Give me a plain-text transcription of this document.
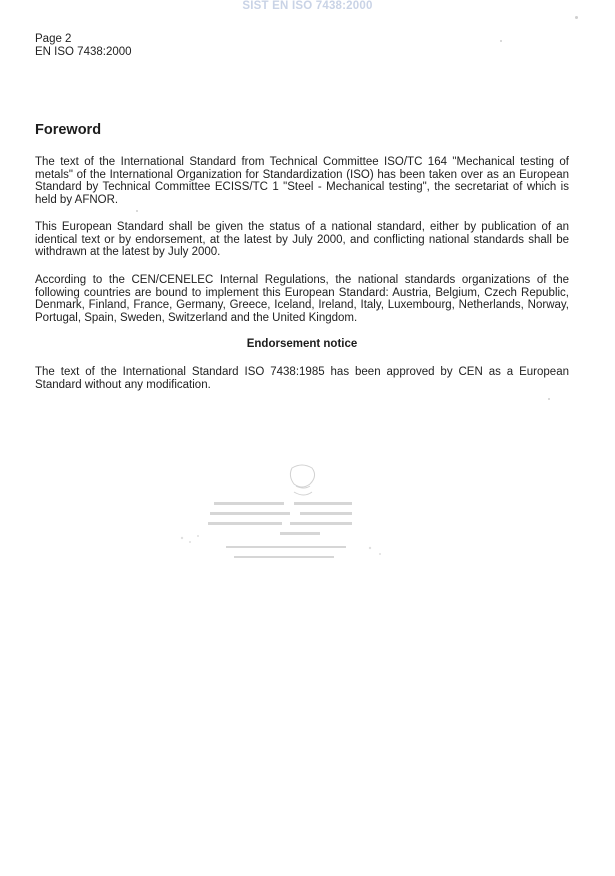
SIST EN ISO 7438:2000
Page 2
EN ISO 7438:2000
Foreword

The text of the International Standard from Technical Committee ISO/TC 164 "Mechanical testing of metals" of the International Organization for Standardization (ISO) has been taken over as an European Standard by Technical Committee ECISS/TC 1 "Steel - Mechanical testing", the secretariat of which is held by AFNOR.

This European Standard shall be given the status of a national standard, either by publication of an identical text or by endorsement, at the latest by July 2000, and conflicting national standards shall be withdrawn at the latest by July 2000.

According to the CEN/CENELEC Internal Regulations, the national standards organizations of the following countries are bound to implement this European Standard: Austria, Belgium, Czech Republic, Denmark, Finland, France, Germany, Greece, Iceland, Ireland, Italy, Luxembourg, Netherlands, Norway, Portugal, Spain, Sweden, Switzerland and the United Kingdom.

Endorsement notice

The text of the International Standard ISO 7438:1985 has been approved by CEN as a European Standard without any modification.
